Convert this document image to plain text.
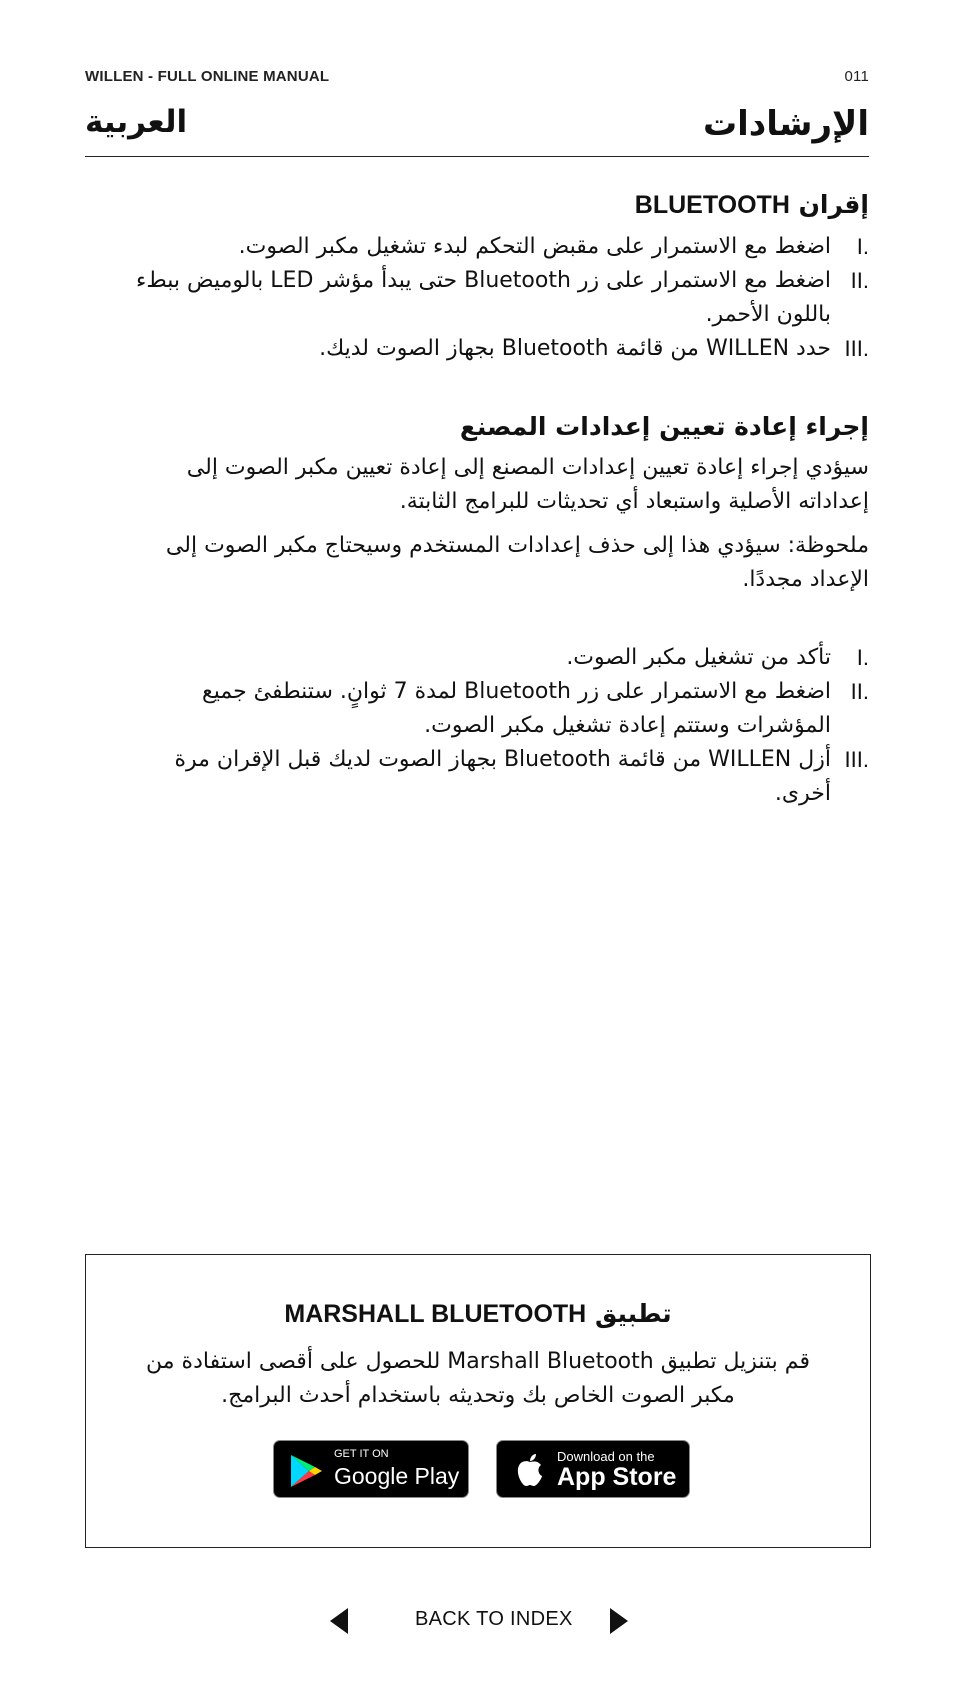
WILLEN - FULL ONLINE MANUAL	011
العربية	الإرشادات
إقران BLUETOOTH
I.
اضغط مع الاستمرار على مقبض التحكم لبدء تشغيل مكبر الصوت.
II.
اضغط مع الاستمرار على زر Bluetooth حتى يبدأ مؤشر LED بالوميض ببطء باللون الأحمر.
III.
حدد WILLEN من قائمة Bluetooth بجهاز الصوت لديك.
إجراء إعادة تعيين إعدادات المصنع

سيؤدي إجراء إعادة تعيين إعدادات المصنع إلى إعادة تعيين مكبر الصوت إلى إعداداته الأصلية واستبعاد أي تحديثات للبرامج الثابتة.

ملحوظة: سيؤدي هذا إلى حذف إعدادات المستخدم وسيحتاج مكبر الصوت إلى الإعداد مجددًا.

I.
تأكد من تشغيل مكبر الصوت.
II.
اضغط مع الاستمرار على زر Bluetooth لمدة 7 ثوانٍ. ستنطفئ جميع المؤشرات وستتم إعادة تشغيل مكبر الصوت.
III.
أزل WILLEN من قائمة Bluetooth بجهاز الصوت لديك قبل الإقران مرة أخرى.
تطبيق MARSHALL BLUETOOTH

قم بتنزيل تطبيق Marshall Bluetooth للحصول على أقصى استفادة من مكبر الصوت الخاص بك وتحديثه باستخدام أحدث البرامج.

GET IT ON
Google Play
Download on the
App Store
BACK TO INDEX
